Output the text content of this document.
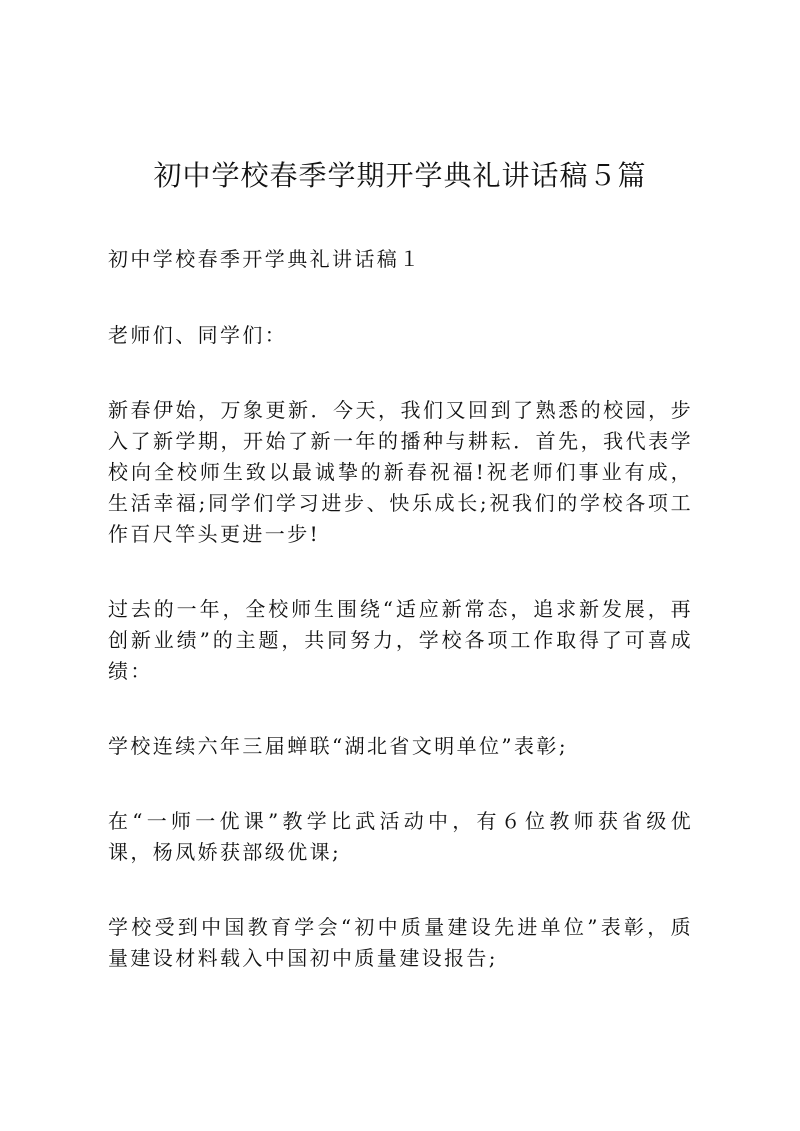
初中学校春季学期开学典礼讲话稿５篇

初中学校春季开学典礼讲话稿１

老师们、同学们：

新春伊始，万象更新．今天，我们又回到了熟悉的校园，步入了新学期，开始了新一年的播种与耕耘．首先，我代表学校向全校师生致以最诚挚的新春祝福!祝老师们事业有成，生活幸福;同学们学习进步、快乐成长;祝我们的学校各项工作百尺竿头更进一步!

过去的一年，全校师生围绕“适应新常态，追求新发展，再创新业绩”的主题，共同努力，学校各项工作取得了可喜成绩：

学校连续六年三届蝉联“湖北省文明单位”表彰;

在“一师一优课”教学比武活动中，有６位教师获省级优课，杨凤娇获部级优课;

学校受到中国教育学会“初中质量建设先进单位”表彰，质量建设材料载入中国初中质量建设报告;
